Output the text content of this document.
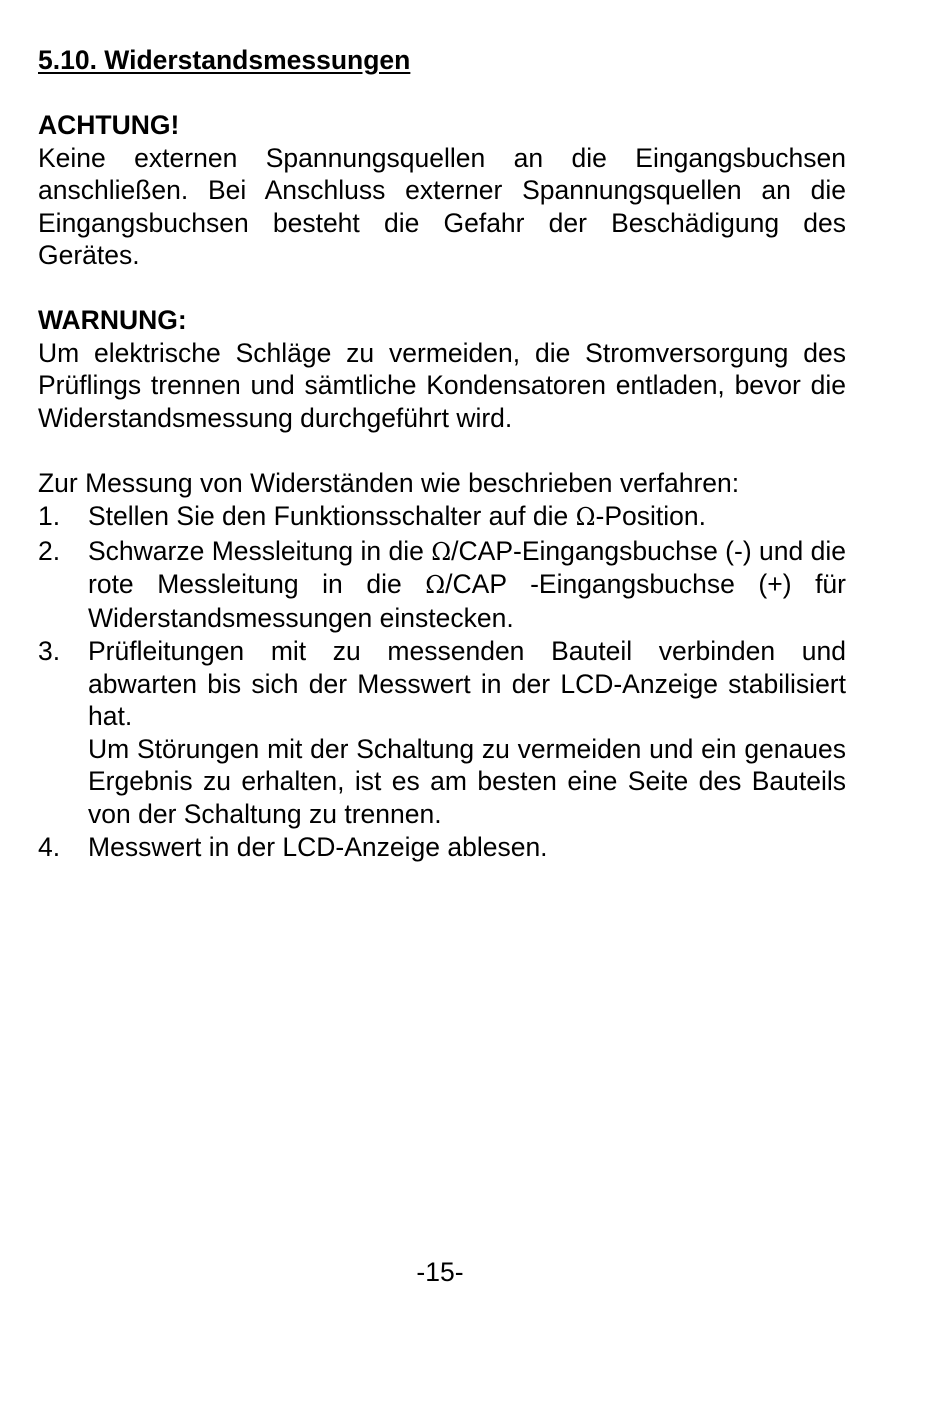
5.10. Widerstandsmessungen

ACHTUNG!

Keine externen Spannungsquellen an die Eingangsbuchsen anschließen. Bei Anschluss externer Spannungsquellen an die Eingangsbuchsen besteht die Gefahr der Beschädigung des Gerätes.

WARNUNG:

Um elektrische Schläge zu vermeiden, die Stromversorgung des Prüflings trennen und sämtliche Kondensatoren entladen, bevor die Widerstandsmessung durchgeführt wird.

Zur Messung von Widerständen wie beschrieben verfahren:

1.	Stellen Sie den Funktionsschalter auf die Ω-Position.
2.	Schwarze Messleitung in die Ω/CAP-Eingangsbuchse (-) und die rote Messleitung in die Ω/CAP -Eingangsbuchse (+) für Widerstandsmessungen einstecken.
3.	Prüfleitungen mit zu messenden Bauteil verbinden und abwarten bis sich der Messwert in der LCD-Anzeige stabilisiert hat.

Um Störungen mit der Schaltung zu vermeiden und ein genaues Ergebnis zu erhalten, ist es am besten eine Seite des Bauteils von der Schaltung zu trennen.

4.	Messwert in der LCD-Anzeige ablesen.
-15-
